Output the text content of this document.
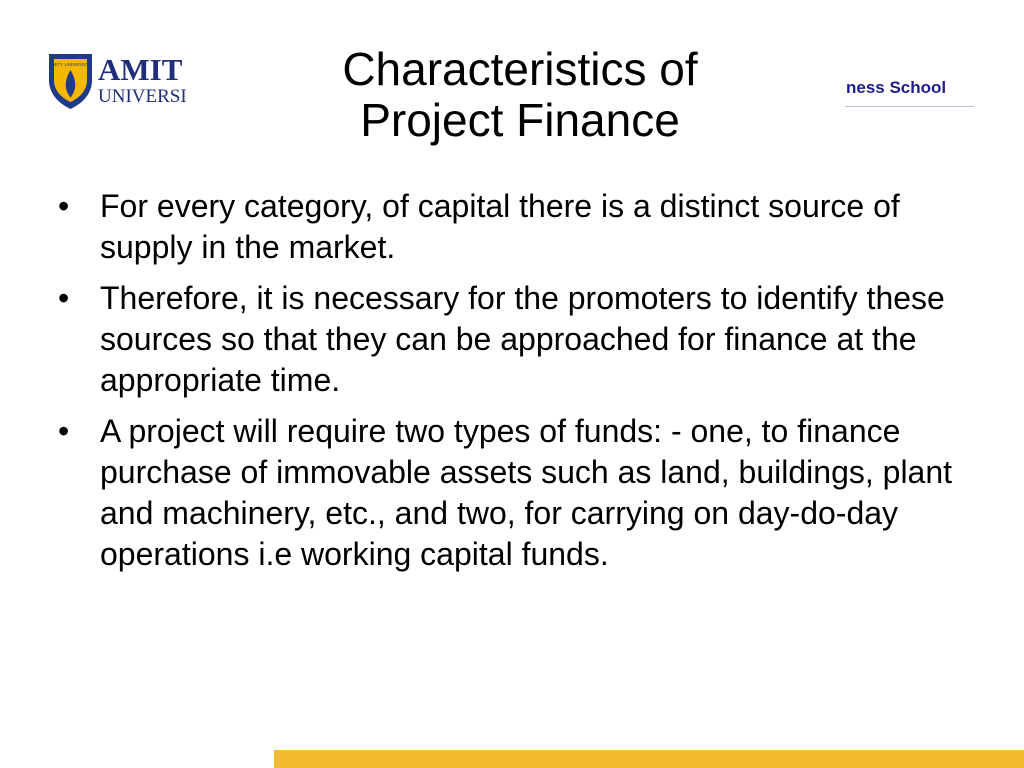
AMITY UNIVERSITY AMIT
UNIVERSI
Characteristics of
Project Finance
ness School
• For every category, of capital there is a distinct source of supply in the market.
• Therefore, it is necessary for the promoters to identify these sources so that they can be approached for finance at the appropriate time.
• A project will require two types of funds: - one, to finance purchase of immovable assets such as land, buildings, plant and machinery, etc., and two, for carrying on day-do-day operations i.e working capital funds.
